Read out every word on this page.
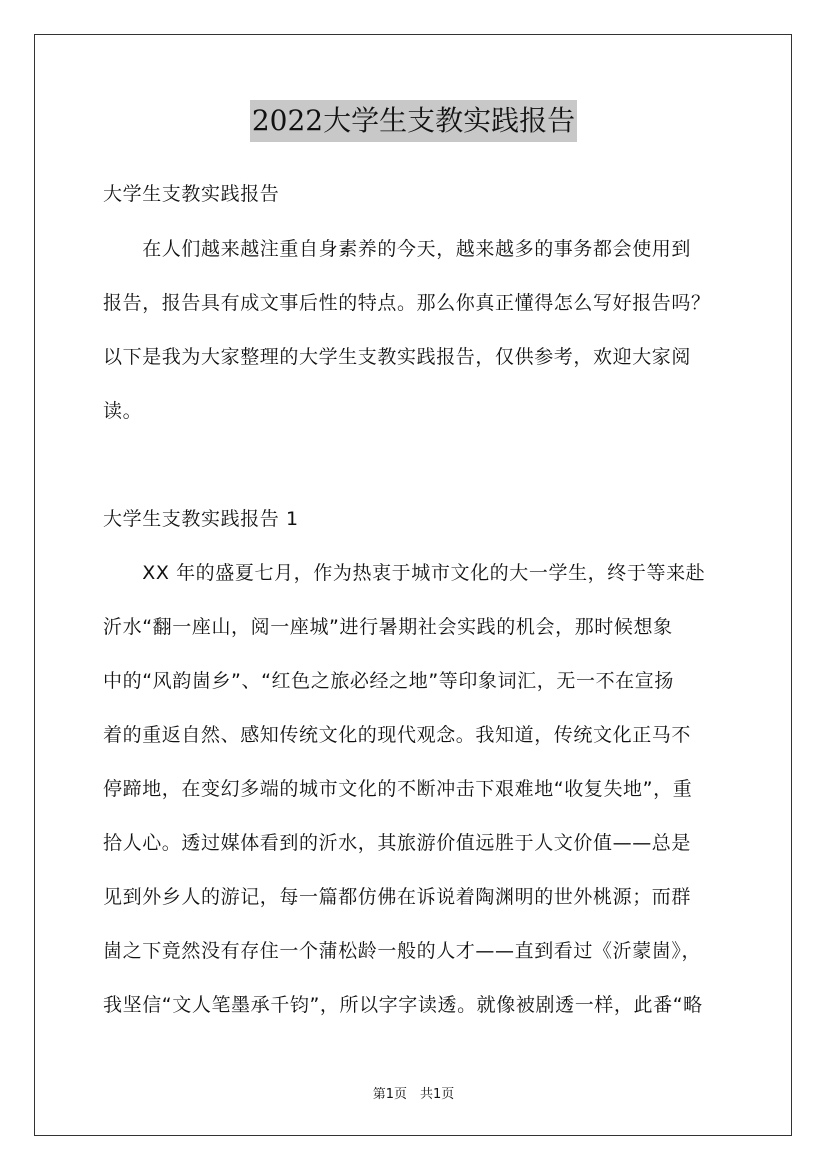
2022大学生支教实践报告
大学生支教实践报告
　　在人们越来越注重自身素养的今天，越来越多的事务都会使用到
报告，报告具有成文事后性的特点。那么你真正懂得怎么写好报告吗？
以下是我为大家整理的大学生支教实践报告，仅供参考，欢迎大家阅
读。
大学生支教实践报告 1
　　XX 年的盛夏七月，作为热衷于城市文化的大一学生，终于等来赴
沂水“翻一座山，阅一座城”进行暑期社会实践的机会，那时候想象
中的“风韵崮乡”、“红色之旅必经之地”等印象词汇，无一不在宣扬
着的重返自然、感知传统文化的现代观念。我知道，传统文化正马不
停蹄地，在变幻多端的城市文化的不断冲击下艰难地“收复失地”，重
拾人心。透过媒体看到的沂水，其旅游价值远胜于人文价值——总是
见到外乡人的游记，每一篇都仿佛在诉说着陶渊明的世外桃源；而群
崮之下竟然没有存住一个蒲松龄一般的人才——直到看过《沂蒙崮》，
我坚信“文人笔墨承千钧”，所以字字读透。就像被剧透一样，此番“略
第1页　共1页
